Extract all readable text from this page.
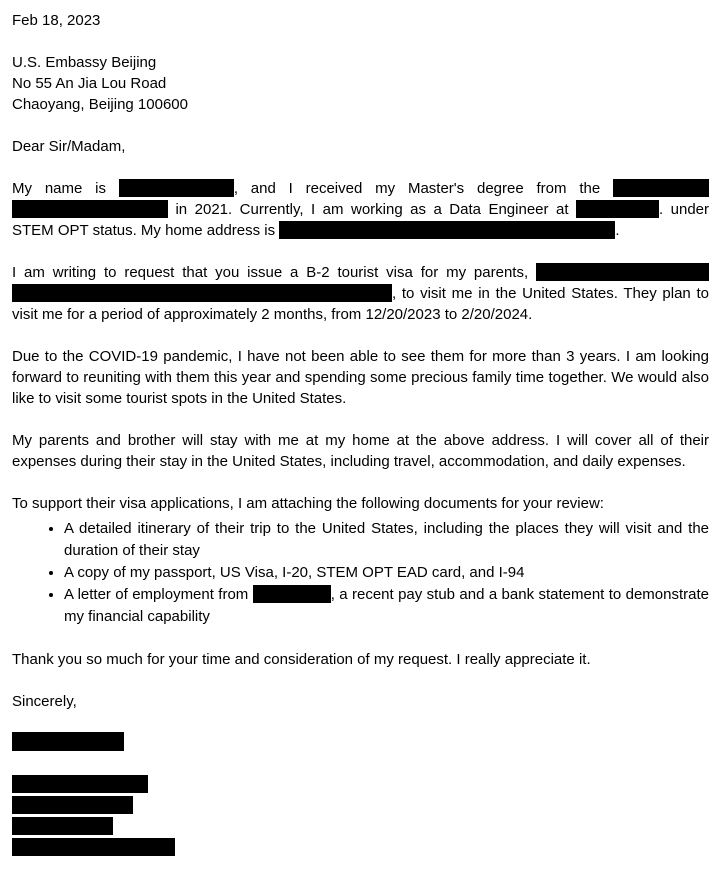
Feb 18, 2023
U.S. Embassy Beijing
No 55 An Jia Lou Road
Chaoyang, Beijing 100600
Dear Sir/Madam,

My name is	, and I received my Master's degree from the   in 2021. Currently, I am working as a Data Engineer at	. under STEM OPT status. My home address is	.

I am writing to request that you issue a B-2 tourist visa for my parents,  , to visit me in the United States. They plan to visit me for a period of approximately 2 months, from 12/20/2023 to 2/20/2024.

Due to the COVID-19 pandemic, I have not been able to see them for more than 3 years. I am looking forward to reuniting with them this year and spending some precious family time together. We would also like to visit some tourist spots in the United States.

My parents and brother will stay with me at my home at the above address. I will cover all of their expenses during their stay in the United States, including travel, accommodation, and daily expenses.

To support their visa applications, I am attaching the following documents for your review:

• A detailed itinerary of their trip to the United States, including the places they will visit and the duration of their stay
• A copy of my passport, US Visa, I-20, STEM OPT EAD card, and I-94
• A letter of employment from	, a recent pay stub and a bank statement to demonstrate my financial capability

Thank you so much for your time and consideration of my request. I really appreciate it.

Sincerely,
